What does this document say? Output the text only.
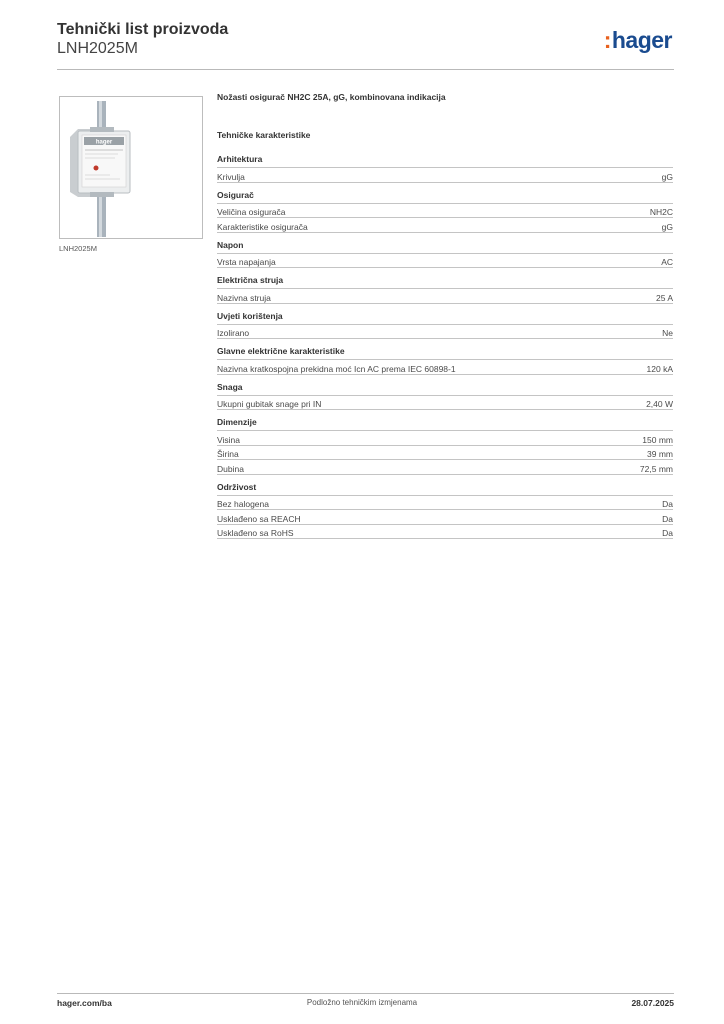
Tehnički list proizvoda
LNH2025M	:hager
hager
LNH2025M
Nožasti osigurač NH2C 25A, gG, kombinovana indikacija
Tehničke karakteristike
Arhitektura
Krivulja	gG
Osigurač
Veličina osigurača	NH2C
Karakteristike osigurača	gG
Napon
Vrsta napajanja	AC
Električna struja
Nazivna struja	25 A
Uvjeti korištenja
Izolirano	Ne
Glavne električne karakteristike
Nazivna kratkospojna prekidna moć Icn AC prema IEC 60898-1	120 kA
Snaga
Ukupni gubitak snage pri IN	2,40 W
Dimenzije
Visina	150 mm
Širina	39 mm
Dubina	72,5 mm
Održivost
Bez halogena	Da
Usklađeno sa REACH	Da
Usklađeno sa RoHS	Da
hager.com/ba	Podložno tehničkim izmjenama	28.07.2025
